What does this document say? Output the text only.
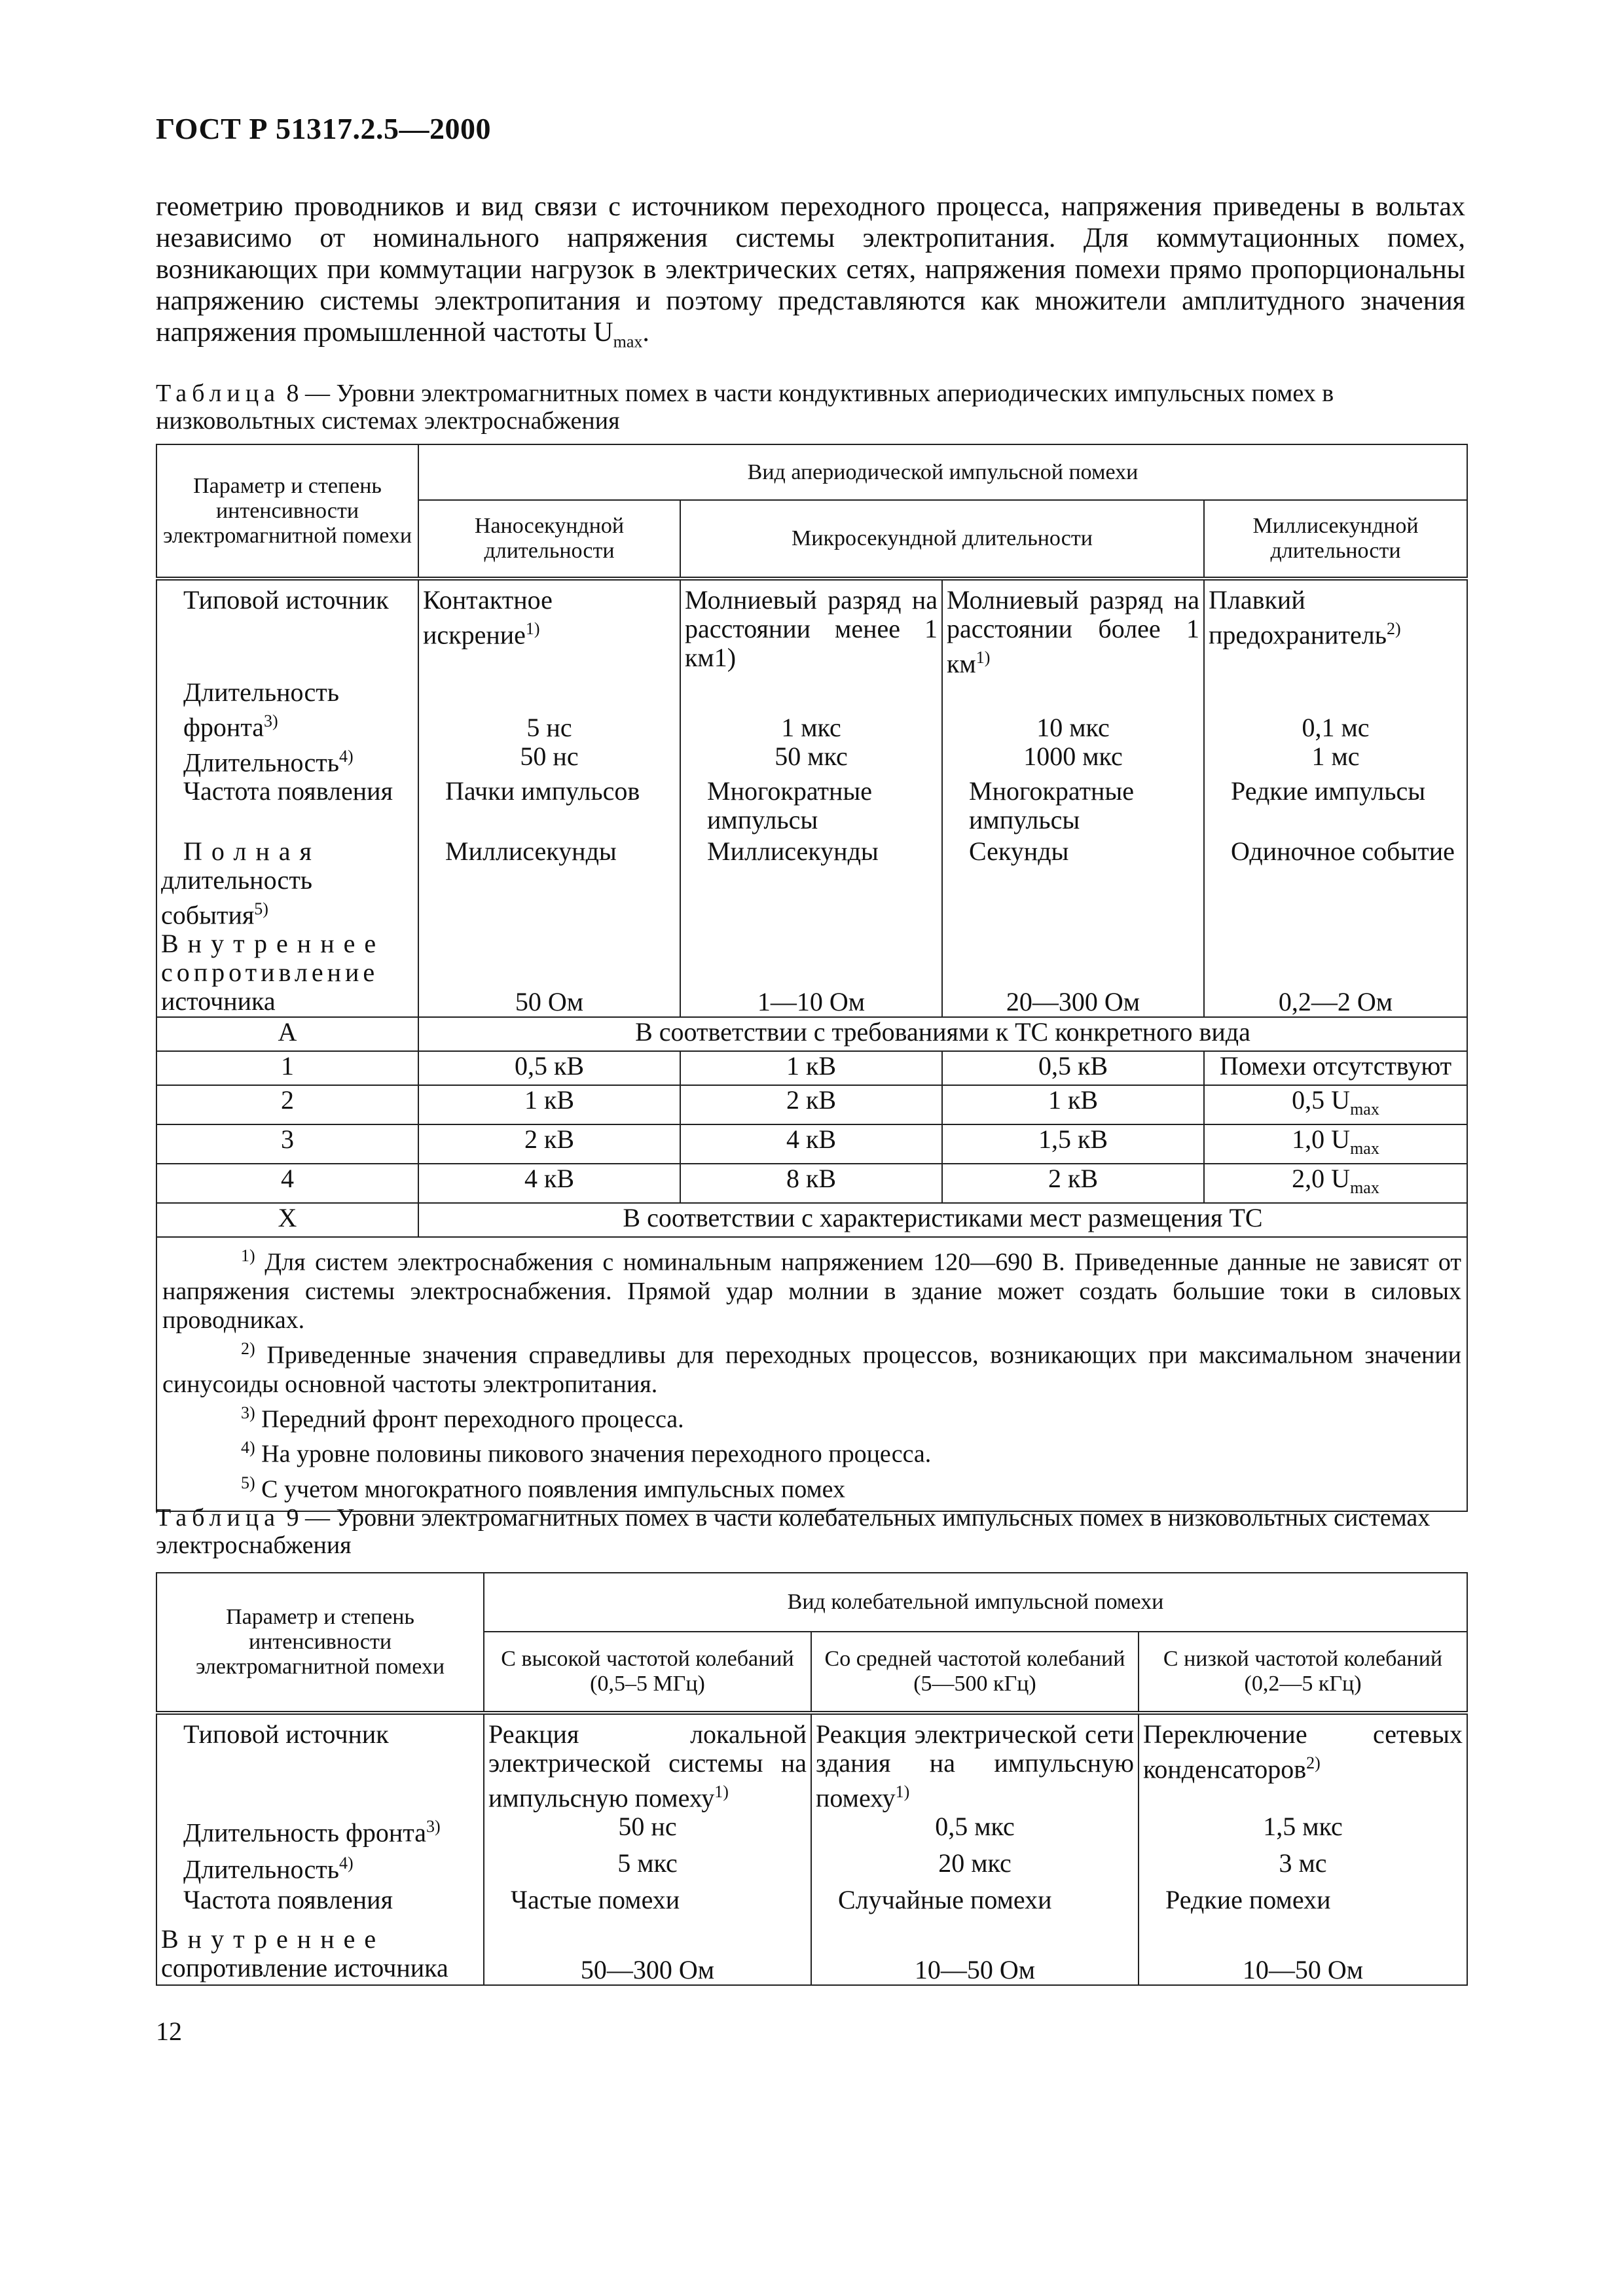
ГОСТ Р 51317.2.5—2000
геометрию проводников и вид связи с источником переходного процесса, напряжения приведены в вольтах независимо от номинального напряжения системы электропитания. Для коммутационных помех, возникающих при коммутации нагрузок в электрических сетях, напряжения помехи прямо пропорциональны напряжению системы электропитания и поэтому представляются как множители амплитудного значения напряжения промышленной частоты $U_{max}$.
Таблица 8 — Уровни электромагнитных помех в части кондуктивных апериодических импульсных помех в низковольтных системах электроснабжения
Параметр и степень интенсивности электромагнитной помехи	Вид апериодической импульсной помехи			
	Наносекундной длительности	Микросекундной длительности		Миллисекундной длительности
Типовой источник	Контактное искрение$^{1)}$	Молниевый разряд на расстоянии менее 1 км1)	Молниевый разряд на расстоянии более 1 $км^{1)}$	Плавкий предохранитель$^{2)}$
Длительность фронта$^{3)}$	5 нс	1 мкс	10 мкс	0,1 мс
Длительность$^{4)}$	50 нс	50 мкс	1000 мкс	1 мс
Частота появления	Пачки импульсов	Многократные импульсы	Многократные импульсы	Редкие импульсы

Полная
длительность события$^{5)}$	Миллисекунды	Миллисекунды	Секунды	Одиночное событие

Внутреннее
сопротивление
источника	50 Ом	1—10 Ом	20—300 Ом	0,2—2 Ом
А	В соответствии с требованиями к ТС конкретного вида			
1	0,5 кВ	1 кВ	0,5 кВ	Помехи отсутствуют
2	1 кВ	2 кВ	1 кВ	0,5 $U_{max}$
3	2 кВ	4 кВ	1,5 кВ	1,0 $U_{max}$
4	4 кВ	8 кВ	2 кВ	2,0 $U_{max}$
Х	В соответствии с характеристиками мест размещения ТС			

$^{1)}$ Для систем электроснабжения с номинальным напряжением 120—690 В. Приведенные данные не зависят от напряжения системы электроснабжения. Прямой удар молнии в здание может создать большие токи в силовых проводниках.
$^{2)}$ Приведенные значения справедливы для переходных процессов, возникающих при максимальном значении синусоиды основной частоты электропитания.
$^{3)}$ Передний фронт переходного процесса.
$^{4)}$ На уровне половины пикового значения переходного процесса.
$^{5)}$ С учетом многократного появления импульсных помех				
Таблица 9 — Уровни электромагнитных помех в части колебательных импульсных помех в низковольтных системах электроснабжения
Параметр и степень интенсивности электромагнитной помехи	Вид колебательной импульсной помехи		
	С высокой частотой колебаний (0,5–5 МГц)	Со средней частотой колебаний (5—500 кГц)	С низкой частотой колебаний (0,2—5 кГц)
Типовой источник	Реакция локальной электрической системы на импульсную помеху$^{1)}$	Реакция электрической сети здания на импульсную помеху$^{1)}$	Переключение сетевых конденсаторов$^{2)}$
Длительность фронта$^{3)}$	50 нс	0,5 мкс	1,5 мкс
Длительность$^{4)}$	5 мкс	20 мкс	3 мс
Частота появления	Частые помехи	Случайные помехи	Редкие помехи

Внутреннее
сопротивление источника	50—300 Ом	10—50 Ом	10—50 Ом
12
